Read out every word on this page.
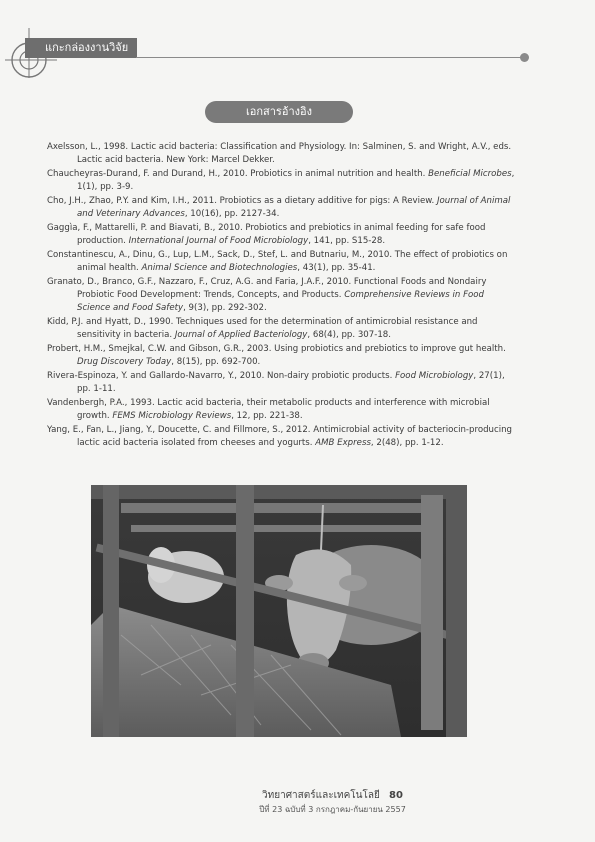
แกะกล่องงานวิจัย
เอกสารอ้างอิง
Axelsson, L., 1998. Lactic acid bacteria: Classification and Physiology. In: Salminen, S. and Wright, A.V., eds. Lactic acid bacteria. New York: Marcel Dekker.
Chaucheyras-Durand, F. and Durand, H., 2010. Probiotics in animal nutrition and health. Beneficial Microbes, 1(1), pp. 3-9.
Cho, J.H., Zhao, P.Y. and Kim, I.H., 2011. Probiotics as a dietary additive for pigs: A Review. Journal of Animal and Veterinary Advances, 10(16), pp. 2127-34.
Gaggìa, F., Mattarelli, P. and Biavati, B., 2010. Probiotics and prebiotics in animal feeding for safe food production. International Journal of Food Microbiology, 141, pp. S15-28.
Constantinescu, A., Dinu, G., Lup, L.M., Sack, D., Stef, L. and Butnariu, M., 2010. The effect of probiotics on animal health. Animal Science and Biotechnologies, 43(1), pp. 35-41.
Granato, D., Branco, G.F., Nazzaro, F., Cruz, A.G. and Faria, J.A.F., 2010. Functional Foods and Nondairy Probiotic Food Development: Trends, Concepts, and Products. Comprehensive Reviews in Food Science and Food Safety, 9(3), pp. 292-302.
Kidd, P.J. and Hyatt, D., 1990. Techniques used for the determination of antimicrobial resistance and sensitivity in bacteria. Journal of Applied Bacteriology, 68(4), pp. 307-18.
Probert, H.M., Smejkal, C.W. and Gibson, G.R., 2003. Using probiotics and prebiotics to improve gut health. Drug Discovery Today, 8(15), pp. 692-700.
Rivera-Espinoza, Y. and Gallardo-Navarro, Y., 2010. Non-dairy probiotic products. Food Microbiology, 27(1), pp. 1-11.
Vandenbergh, P.A., 1993. Lactic acid bacteria, their metabolic products and interference with microbial growth. FEMS Microbiology Reviews, 12, pp. 221-38.
Yang, E., Fan, L., Jiang, Y., Doucette, C. and Fillmore, S., 2012. Antimicrobial activity of bacteriocin-producing lactic acid bacteria isolated from cheeses and yogurts. AMB Express, 2(48), pp. 1-12.
วิทยาศาสตร์และเทคโนโลยี 80
ปีที่ 23 ฉบับที่ 3 กรกฎาคม-กันยายน 2557
